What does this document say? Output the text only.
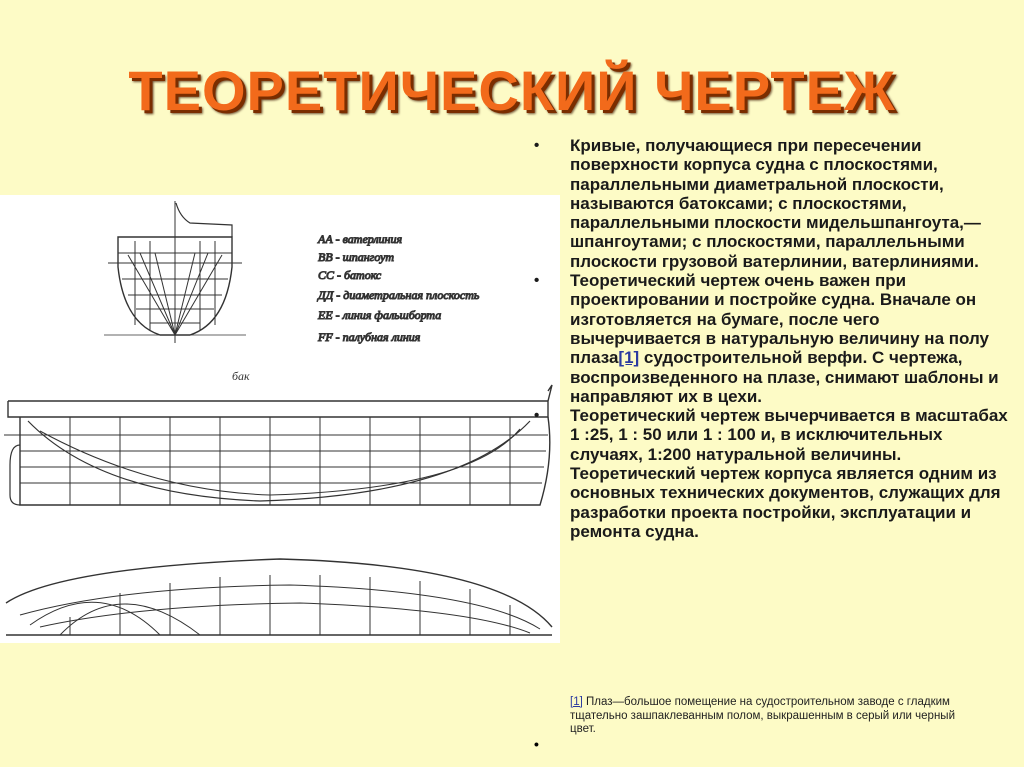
ТЕОРЕТИЧЕСКИЙ ЧЕРТЕЖ
АА - ватерлиния
ВВ - шпангоут
СС - батокс
ДД - диаметральная плоскость
ЕЕ - линия фальшборта
FF - палубная линия
бак
• Кривые, получающиеся при пересечении поверхности корпуса судна с плоскостями, параллельными диаметральной плоскости, называются батоксами; с плоскостями, параллельными плоскости мидельшпангоута,— шпангоутами; с плоскостями, параллельными плоскости грузовой ватерлинии, ватерлиниями.
• Теоретический чертеж очень важен при проектировании и постройке судна. Вначале он изготовляется на бумаге, после чего вычерчивается в натуральную величину на полу плаза[1] судостроительной верфи. С чертежа, воспроизведенного на плазе, снимают шаблоны и направляют их в цехи.
• Теоретический чертеж вычерчивается в масштабах 1 :25, 1 : 50 или 1 : 100 и, в исключительных случаях, 1:200 натуральной величины. Теоретический чертеж корпуса является одним из основных технических документов, служащих для разработки проекта постройки, эксплуатации и ремонта судна.
[1] Плаз—большое помещение на судостроительном заводе с гладким тщательно зашпаклеванным полом, выкрашенным в серый или черный цвет.
•
